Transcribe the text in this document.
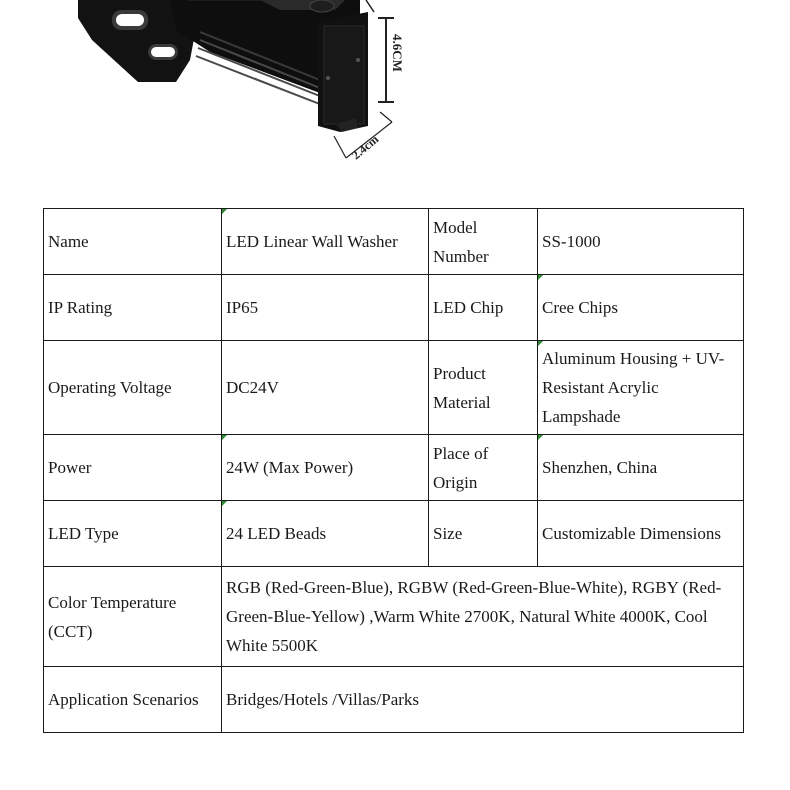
4.6CM
2.4cm
Name	LED Linear Wall Washer	Model Number	SS-1000

IP Rating	IP65	LED Chip	Cree Chips

Operating Voltage	DC24V	Product Material	Aluminum Housing + UV-Resistant Acrylic Lampshade

Power	24W (Max Power)	Place of Origin	Shenzhen, China

LED Type	24 LED Beads	Size	Customizable Dimensions

Color Temperature (CCT)	RGB (Red-Green-Blue), RGBW (Red-Green-Blue-White), RGBY (Red-Green-Blue-Yellow) ,Warm White 2700K, Natural White 4000K, Cool White 5500K		

Application Scenarios	Bridges/Hotels /Villas/Parks		
